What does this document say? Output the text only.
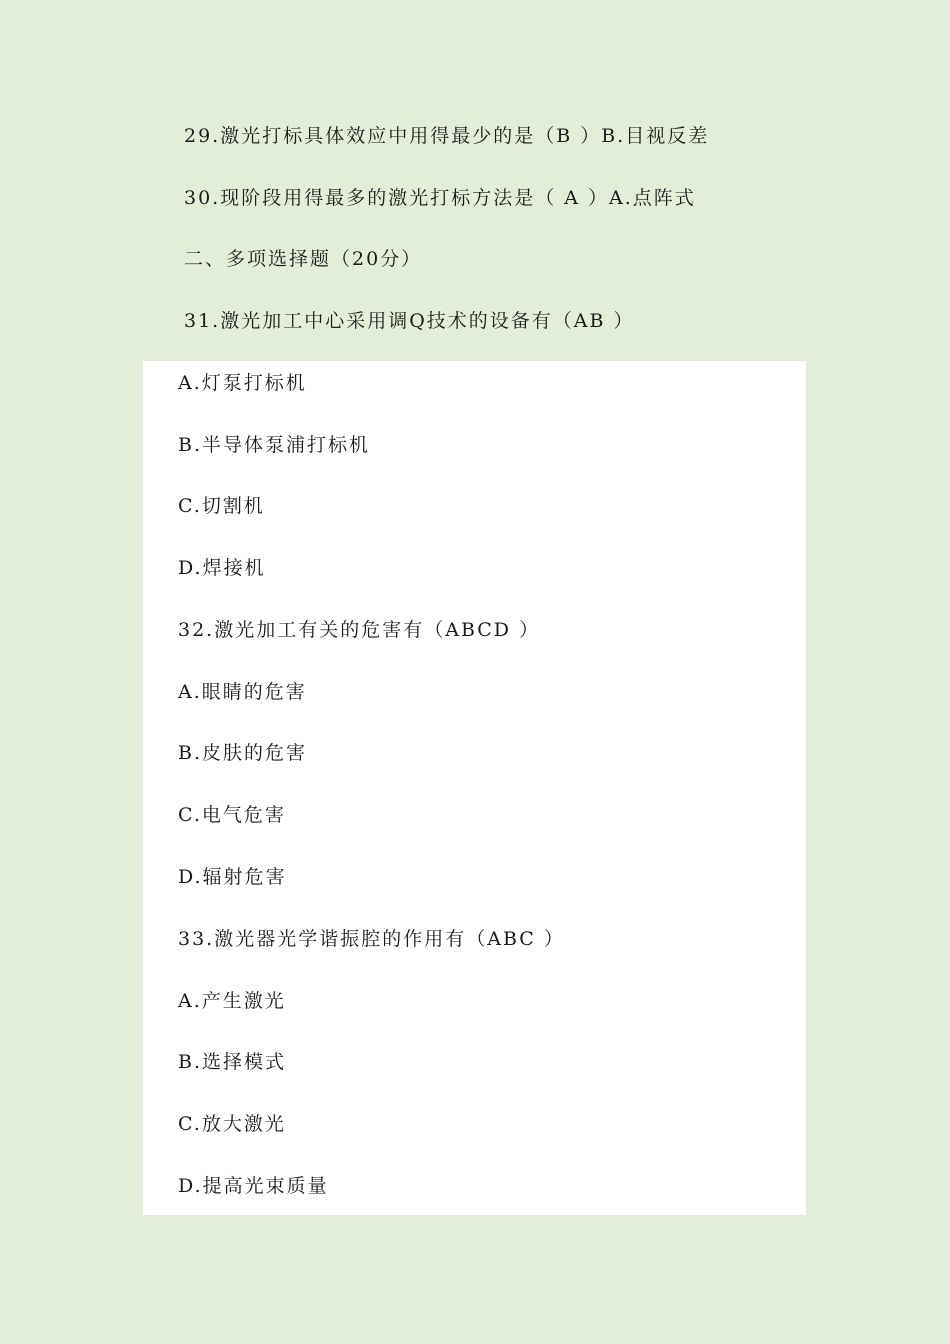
29.激光打标具体效应中用得最少的是（B ）B.目视反差
30.现阶段用得最多的激光打标方法是（ A ）A.点阵式
二、多项选择题（20分）
31.激光加工中心采用调Q技术的设备有（AB ）
A.灯泵打标机
B.半导体泵浦打标机
C.切割机
D.焊接机
32.激光加工有关的危害有（ABCD ）
A.眼睛的危害
B.皮肤的危害
C.电气危害
D.辐射危害
33.激光器光学谐振腔的作用有（ABC ）
A.产生激光
B.选择模式
C.放大激光
D.提高光束质量
